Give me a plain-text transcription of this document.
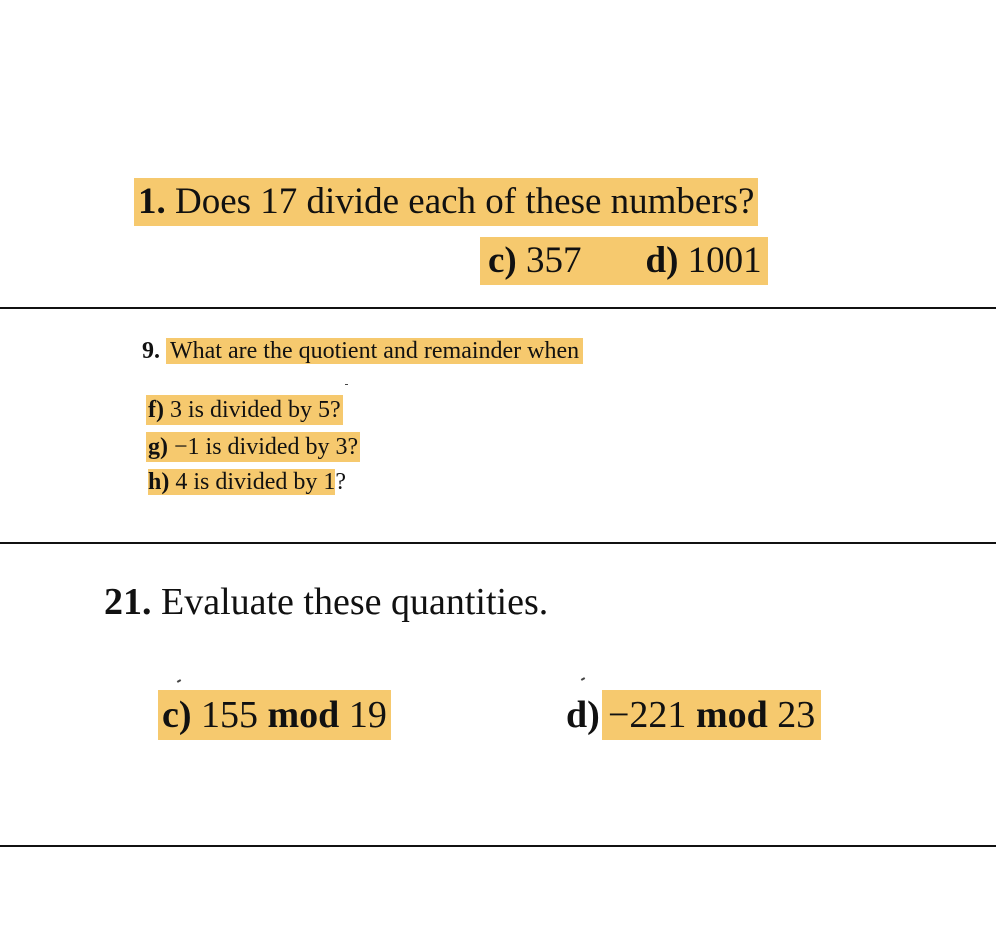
1. Does 17 divide each of these numbers?
c) 357 d) 1001
9. What are the quotient and remainder when
f) 3 is divided by 5?
g) −1 is divided by 3?
h) 4 is divided by 1?
21. Evaluate these quantities.
c) 155 mod 19	d) −221 mod 23
